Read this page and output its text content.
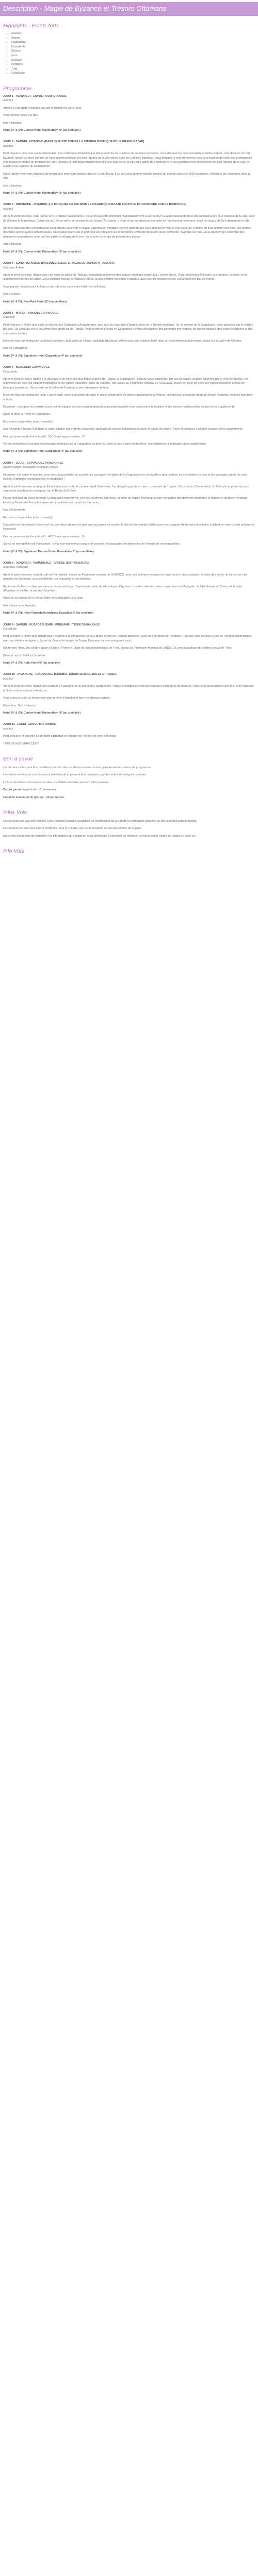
Description - Magie de Byzance et Trésors Ottomans
Highlights - Points forts
• Istanbul
• Ankara
• Cappadoce
• Pamukkale
• Éphèse
• Izmir
• Konakpi
• Pergame
• Troie
• Canakkale
Programme
JOUR 1 - VENDREDI - ENVOL POUR ISTANBUL
Istanbul
Arrivée à l'aéroport d'Istanbul, accueil et transfert à votre hôtel.
Votre premier dîner est libre.
Nuit à Istanbul.
Hotel (4* & 5*): Clarion Hotel Mahmutbey (5* (au similaire)
JOUR 2 - SAMEDI - ISTANBUL (BASILIQUE STE SOPHIE LA CITERNE BASILIQUE ET LE GRAND BAZAR)
Istanbul
Petit-déjeuner avec une vue fondamentale: pour historique d'Istanbul à la découverte de deux trésors de l'époque byzantine. Vous découvrirez dans la basilique Sainte-Sophie, chef-d'œuvre de l'art byzantin, dotant de titres comme de l'unique monumentale les plus réputés de la ville située dans les Citernes Basilique. Vous tenterez le chef d'immense croix à la majorité de cette ville d'ambiances et la meilleure photos du prochain de l'art d'Istanbul et historiques traditionnels les plus réputés de la ville, de Haghia de Fenerbahçe et les quartiers et les monuments les plus réputés de la ville, de Galata et de la place du Sultanahmet.
Dans l'après-midi, vous disposez de temps libre pour vous balader dans le Grand Bazar. Il se sera plus grande marché couvert du monde avec ses 4000 boutiques, l'éblouit et les chasseurs dans la ville.
Nuit à Istanbul.
Hotel (4* & 5*): Clarion Hotel Mahmutbey (5* (au similaire)
JOUR 3 - DIMANCHE - ISTANBUL (LA MOSQUÉE DE SOLIMAN LE MAGNIFIQUE BAZAR ÉGYPTIEN ET CROISIÈRE SUR LE BOSPHORE)
Istanbul
Après le petit-déjeuner, vous partez vers le quartier Suleymaniye, où se trouve cette dominant majestueusement la Corne d'Or, à la découverte de l'une des mosquées les plus réputées de la ville, celle de Soliman le Magnifique. Construite au 16ème siècle et considérée par Sinan l'Architecte, il s'agit d'une somptueuse exemple de l'architecture ottomane, étant les joyaux de l'art ottoman de la ville.
Après le déjeuner libre en restaurant local, dirigez-vous vers le Bazar Égyptien, un véritable marché parfumé qui vous séduira en mille et une couleurs. Profitez-en pour acheter des thés, des herbes, des fruits secs et autres délices locaux. Vous rallierez ensuite le port pour une croisière sur le Bosphore, avant de découvrir deux continents : l'Europe et l'Asie. Vous apercevrez l'ensemble des demeures somptueuses ainsi que les palais et villages de la rive. Vous aurez le temps de prendre des photos.
Nuit à Istanbul.
Hotel (4* & 5*): Clarion Hotel Mahmutbey (5* (au similaire)
JOUR 4 - LUNDI: ISTANBUL (MOSQUÉE BLEUE & PALAIS DE TOPKAPI) - ANKARA
Ortahisar Ankara
Après le petit-déjeuner, départ pour une visite du palais de Topkapi, magnifique résidence des sultans ottomans construit au 15ème siècle. Vous découvrirez le Harem, les cuisines, le trésor et les appartements privés du sultan. Vous visiterez ensuite la Mosquée Bleue, la plus célèbre mosquée d'Istanbul, avec ses six minarets et ses 20000 faïences bleues d'Iznik.
Vous partirez ensuite pour Ankara et vous dînerez dans votre hôtel. Nuit à Ankara.
Nuit à Ankara.
Hotel (4* & 5*): New Park Hotel (5* (au similaire)
JOUR 5 - MARDI - ANKARA CAPPADOCE
Ortahisar
Petit-déjeuner à l'hôtel puis visite du Musée des Civilisations Anatoliennes, ainsi que du mausolée d'Atatürk, père de la Turquie moderne. Sur le chemin de la Cappadoce, vous passerez par le célèbre lac salé Tuz Gölü, qui est le deuxième plus grand lac de Turquie. Vous arriverez ensuite en Cappadoce et vous découvrirez des paysages incroyables, de hautes falaises, des vallées sculptées et des cheminées de fées.
Déjeuner dans un restaurant local dans la région, puis visite du village troglodyte d'Uçhisar, célèbre pour son château taillé dans la roche offrant un panorama unique sur la vallée de Göreme.
Nuit en Cappadoce.
Hotel (4* & 5*): Signature Hotel Cappadoce 4* (au similaire)
JOUR 6 - MERCREDI CAPPADOCE
Pamukkale
Après le petit-déjeuner, partez à la découverte de l'une des plus belles régions de Turquie, la Cappadoce ! Laissez-vous surprendre par des paysages lunaires façonnés par le vent et l'érosion, les cheminées de fées, les villages troglodytes et les églises rupestres. Visite de Göreme, site classé au Patrimoine mondial de l'UNESCO, musée en plein air avec ses églises rupestres ornées de fresques byzantines. Découverte de la vallée de Pasabag et des cheminées de fées.
Déjeuner dans un restaurant local. L'après-midi, visite d'un atelier de tapis et d'une coopérative de poterie traditionnelle à Avanos, célèbre pour son argile rouge du fleuve Kizilirmak, et d'une bijouterie et tapis.
En option : vous pourrez assister à une soirée typique dans un cadre troglodytique pendant laquelle vous découvrirez la tradition et les danses traditionnelles locales (avec supplément).
Dîner et dîner à l'hôtel en Cappadoce.
Excursions disponibles (avec consulte):
Nuit folklorique Turque Nuit dans le cadre typique d'une grotte troglodyte, spectacle de danses folkloriques turques et danse du ventre. Dîner et boissons à volonté incluses (avec supplément).
Prix par personne (à titre indicatif) : 50€ Durée approximative : 2h
Vol en montgolfière Survolez les paysages féeriques de la Cappadoce au lever du soleil à bord d'une montgolfière, une expérience inoubliable (avec supplément).
Hotel (4* & 5*): Signature Hotel Cappadoce 4* (au similaire)
JOUR 7 - JEUDI - CAPPADOCE PAMUKKALE
Kayseri Konya, Hierapolis Ortahisar, Denizli
En option, à la sortie le premier, vous aurez la possibilité de survoler les paysages féeriques de la Cappadoce en montgolfière pour admirer les cheminées de fées et les paysages irréels de cette région. Expérience exceptionnelle et inoubliable !
Après le petit-déjeuner, route pour Pamukkale pour visiter le caravansérail Sultanhani, l'un des plus grands et mieux conservés de Turquie. Construit au 13ème siècle, il offrait abri et protection aux caravanes marchandes voyageant sur la Route de la Soie.
Pause déjeuner en cours de route. Continuation vers Konya, ville des derviches tourneurs, et visite du musée Mevlana, ancien monastère des derviches tourneurs et mausolée du poète mystique Mevlana Celaleddin Rumi, fondateur de la confrérie des derviches tourneurs.
Nuit à Pamukkale.
Excursions disponibles (avec consulte):
Cascades de Pamukkale Découvrez l'un des sites naturels les plus spectaculaires au monde, le site de Pamukkale célèbre pour ses vasques de travertin d'un blanc éclatant, et visite du site antique de Hiérapolis.
Prix par personne (à titre indicatif) : 40€ Durée approximative : 2h
Survol en montgolfière de Pamukkale : Vivez une expérience unique en survolant les paysages exceptionnels de Pamukkale en montgolfière.
Hotel (4* & 5*): Signature Thermal Hotel Pamukkale 5* (au similaire)
JOUR 8 - VENDREDI - PAMUKKALE - EPHESE IZMIR KUSADASI
Ortahisar, Kusadasi
Après le petit-déjeuner, visite du site de Pamukkale, classé au Patrimoine mondial de l'UNESCO, avec ses célèbres vasques de travertin d'un blanc éclatant, et visite des ruines de l'ancienne cité romaine de Hiérapolis, avec son théâtre, sa nécropole et ses thermes.
Route vers Éphèse et déjeuner dans un restaurant local. L'après-midi, visite du site antique d'Éphèse, l'une des cités les mieux conservées de l'Antiquité : la bibliothèque de Celsus, le temple d'Hadrien, le théâtre, la rue des Courètes.
Visite de la maison de la Vierge Marie et continuation vers Izmir.
Nuit à Izmir ou à Kusadasi.
Hotel (4* & 5*): Hotel Ramada Kemalpasa Kusadasi 5* (au similaire)
JOUR 9 - SAMEDI - KUSADASI IZMIR - PERGAME - TROIE CANAKKALE
Canakkale
Petit-déjeuner à l'hôtel puis départ pour Pergame à la découverte du plus grand centre de l'histoire ancienne. Visite de l'Acropole de Pergame, l'une des cités les plus riches de l'époque hellénistique, avec son théâtre vertigineux, l'autel de Zeus et le temple de Trajan. Déjeuner dans un restaurant local.
Route vers Troie, site célèbre grâce à l'Iliade d'Homère. Visite du site archéologique de Troie, classé au Patrimoine mondial de l'UNESCO, avec la réplique du célèbre cheval de Troie.
Dîner et nuit à l'hôtel à Canakkale.
Hotel (4* & 5*): Kolin Hotel 5* (au similaire)
JOUR 10 - DIMANCHE - CANAKKALE ISTANBUL (QUARTIERS DE BALAT ET FENER)
Istanbul
Après le petit-déjeuner, départ pour Istanbul en passant par le détroit des Dardanelles. Arrivée à Istanbul et visite des quartiers historiques de Balat et Fener, avec leurs ruelles colorées, leurs maisons en bois et leurs églises orthodoxes.
Vous aurez ensuite du temps libre pour profiter d'Istanbul et faire vos derniers achats.
Dîner libre. Nuit à Istanbul.
Hotel (4* & 5*): Clarion Hotel Mahmutbey (5* (au similaire)
JOUR 11 - LUNDI - ENVOL D'ISTANBUL
Istanbul
Petit-déjeuner et transfert à l'aéroport d'Istanbul en fonction de l'horaire de votre vol retour.
**FIN DE NOS SERVICES**
Bon à savoir
L'ordre des visites peut être modifié en fonction des conditions locales, tout en garantissant le contenu du programme.
Les hôtels mentionnés sont donnés à titre indicatif et peuvent être remplacés par des hôtels de catégorie similaire.
La liste des hôtels n'est pas exhaustive, des hôtels similaires peuvent être proposés.
Départ garanti à partir de : 2 personnes
Capacité maximum du groupe : 42 personnes
Infos Vols
Les horaires des vols sont donnés à titre indicatif et sont susceptibles de modification de la part de la compagnie aérienne ou des autorités aéroportuaires.
Les horaires de vols vous seront confirmés, pour le vol aller, lors de la réception de vos documents de voyage.
Nous vous proposons de compléter les informations du voyage en vous présentant à l'aéroport au minimum 3 heures avant l'heure de départ de votre vol.
Info Vols
